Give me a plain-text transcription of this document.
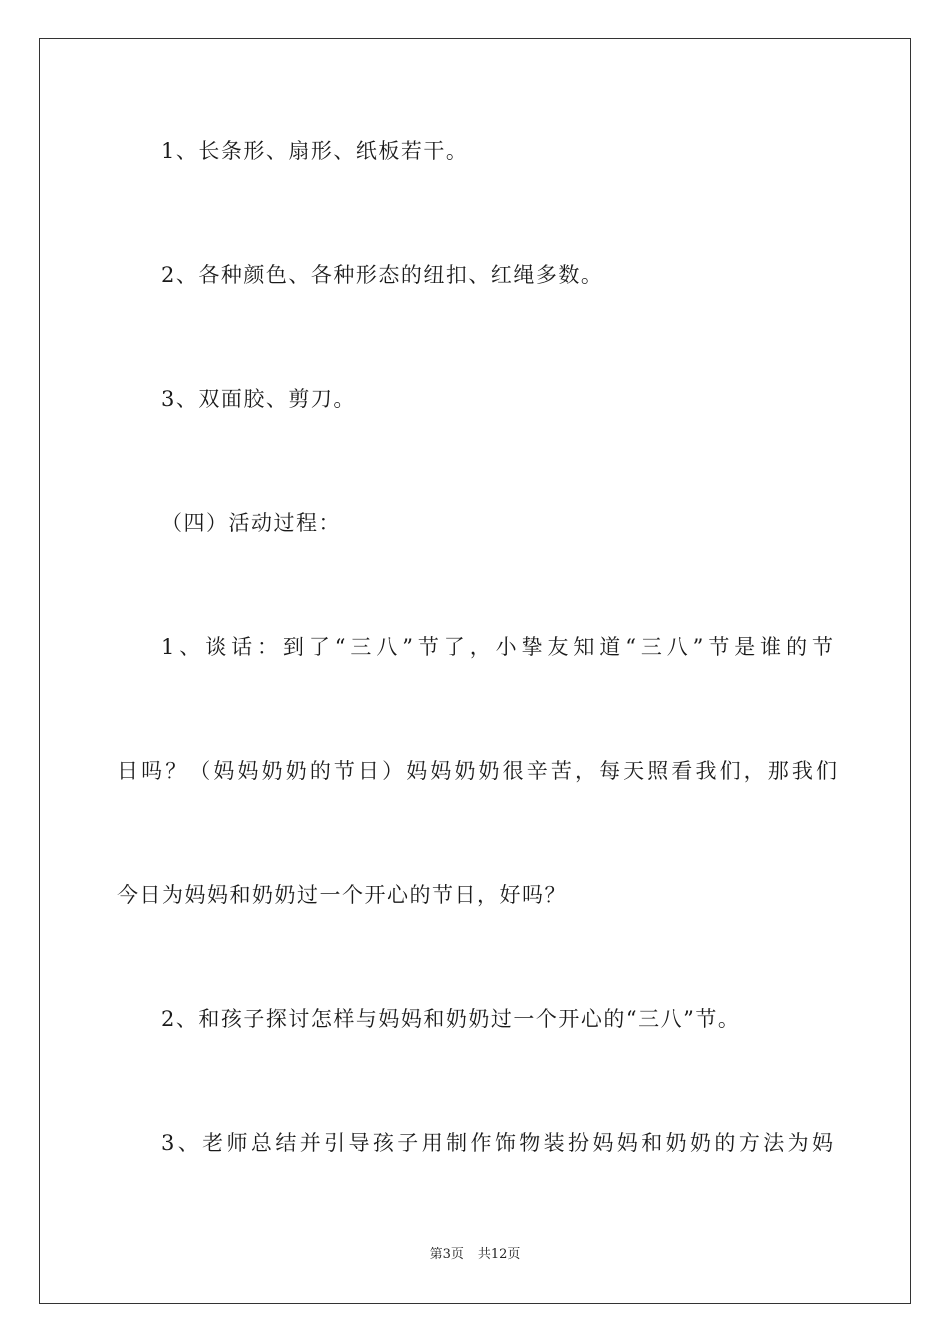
1、长条形、扇形、纸板若干。
2、各种颜色、各种形态的纽扣、红绳多数。
3、双面胶、剪刀。
（四）活动过程：
1、谈话：到了“三八”节了，小挚友知道“三八”节是谁的节
日吗？（妈妈奶奶的节日）妈妈奶奶很辛苦，每天照看我们，那我们
今日为妈妈和奶奶过一个开心的节日，好吗？
2、和孩子探讨怎样与妈妈和奶奶过一个开心的“三八”节。
3、老师总结并引导孩子用制作饰物装扮妈妈和奶奶的方法为妈
第3页 共12页
